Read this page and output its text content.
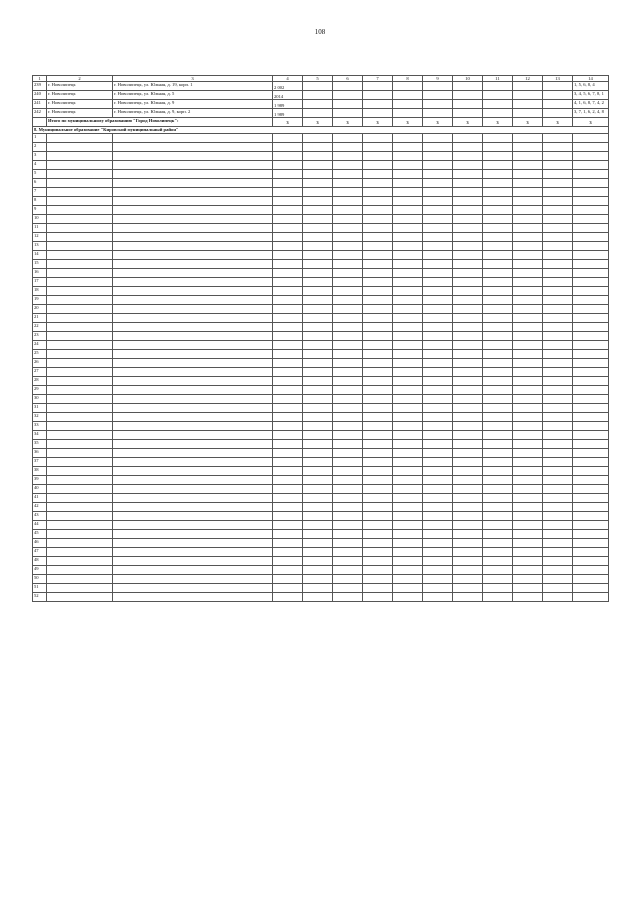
108
1	2	3	4	5	6	7	8	9	10	11	12	13	14
239	г. Новолипецк	г. Новолипецк, ул. Южная, д. 19, корп. 1	2 002										1, 5, 6, 8, 4
240	г. Новолипецк	г. Новолипецк, ул. Южная, д. 5	2014										3, 4, 5, 6, 7, 8, 1
241	г. Новолипецк	г. Новолипецк, ул. Южная, д. 9	1 989										4, 1, 6, 8, 7, 4, 2
242	г. Новолипецк	г. Новолипецк, ул. Южная, д. 9, корп. 2	1 989										3, 7, 1, 6, 2, 4, 8
	Итого по муниципальному образованию "Город Новолипецк":		3	3	3	3	3	3	3	3	3	3	3
8. Муниципальное образование "Кировский муниципальный район"													
1													
2													
3													
4													
5													
6													
7													
8													
9													
10													
11													
12													
13													
14													
15													
16													
17													
18													
19													
20													
21													
22													
23													
24													
25													
26													
27													
28													
29													
30													
31													
32													
33													
34													
35													
36													
37													
38													
39													
40													
41													
42													
43													
44													
45													
46													
47													
48													
49													
50													
51													
52													
